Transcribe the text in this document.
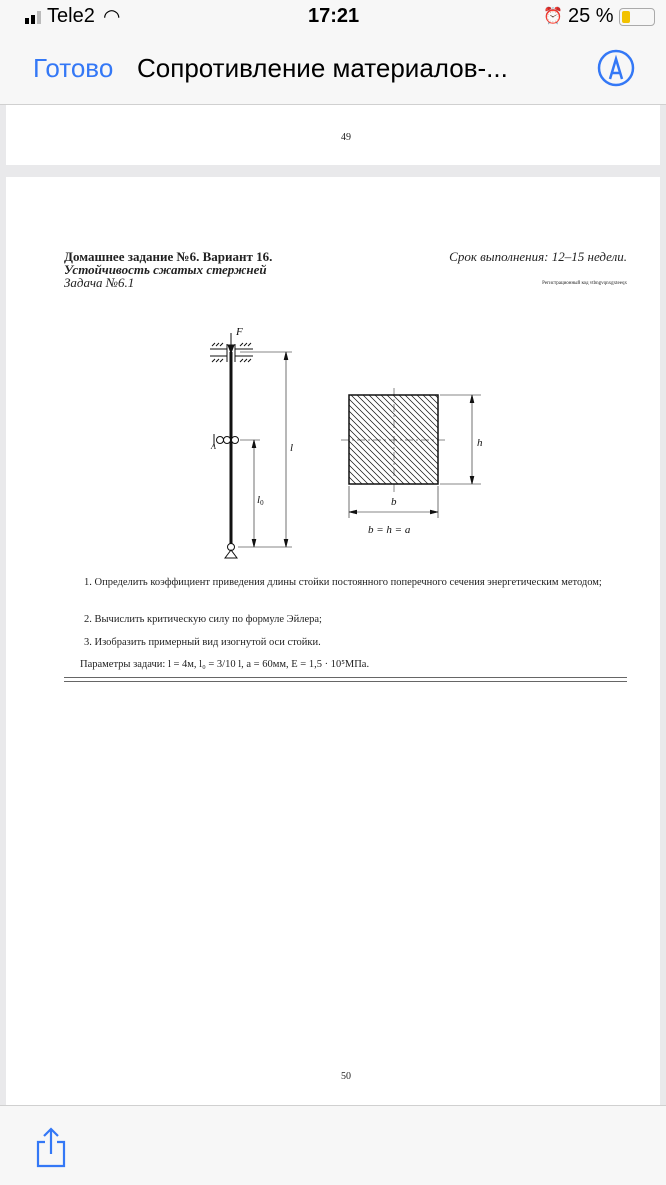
Tele2 ◠	17:21	⏰ 25 %
Готово Сопротивление материалов-...
49
Домашнее задание №6. Вариант 16.
Устойчивость сжатых стержней
Задача №6.1
Срок выполнения: 12–15 недели.
Регистрационный код vtbngvqnxgxteeqx
F
A	l
l0
h
b
b = h = a
1. Определить коэффициент приведения длины стойки постоянного поперечного сечения энергетическим методом;
2. Вычислить критическую силу по формуле Эйлера;
3. Изобразить примерный вид изогнутой оси стойки.
Параметры задачи: l = 4м, l₀ = 3/10 l, a = 60мм, E = 1,5 · 10⁵МПа.
50
